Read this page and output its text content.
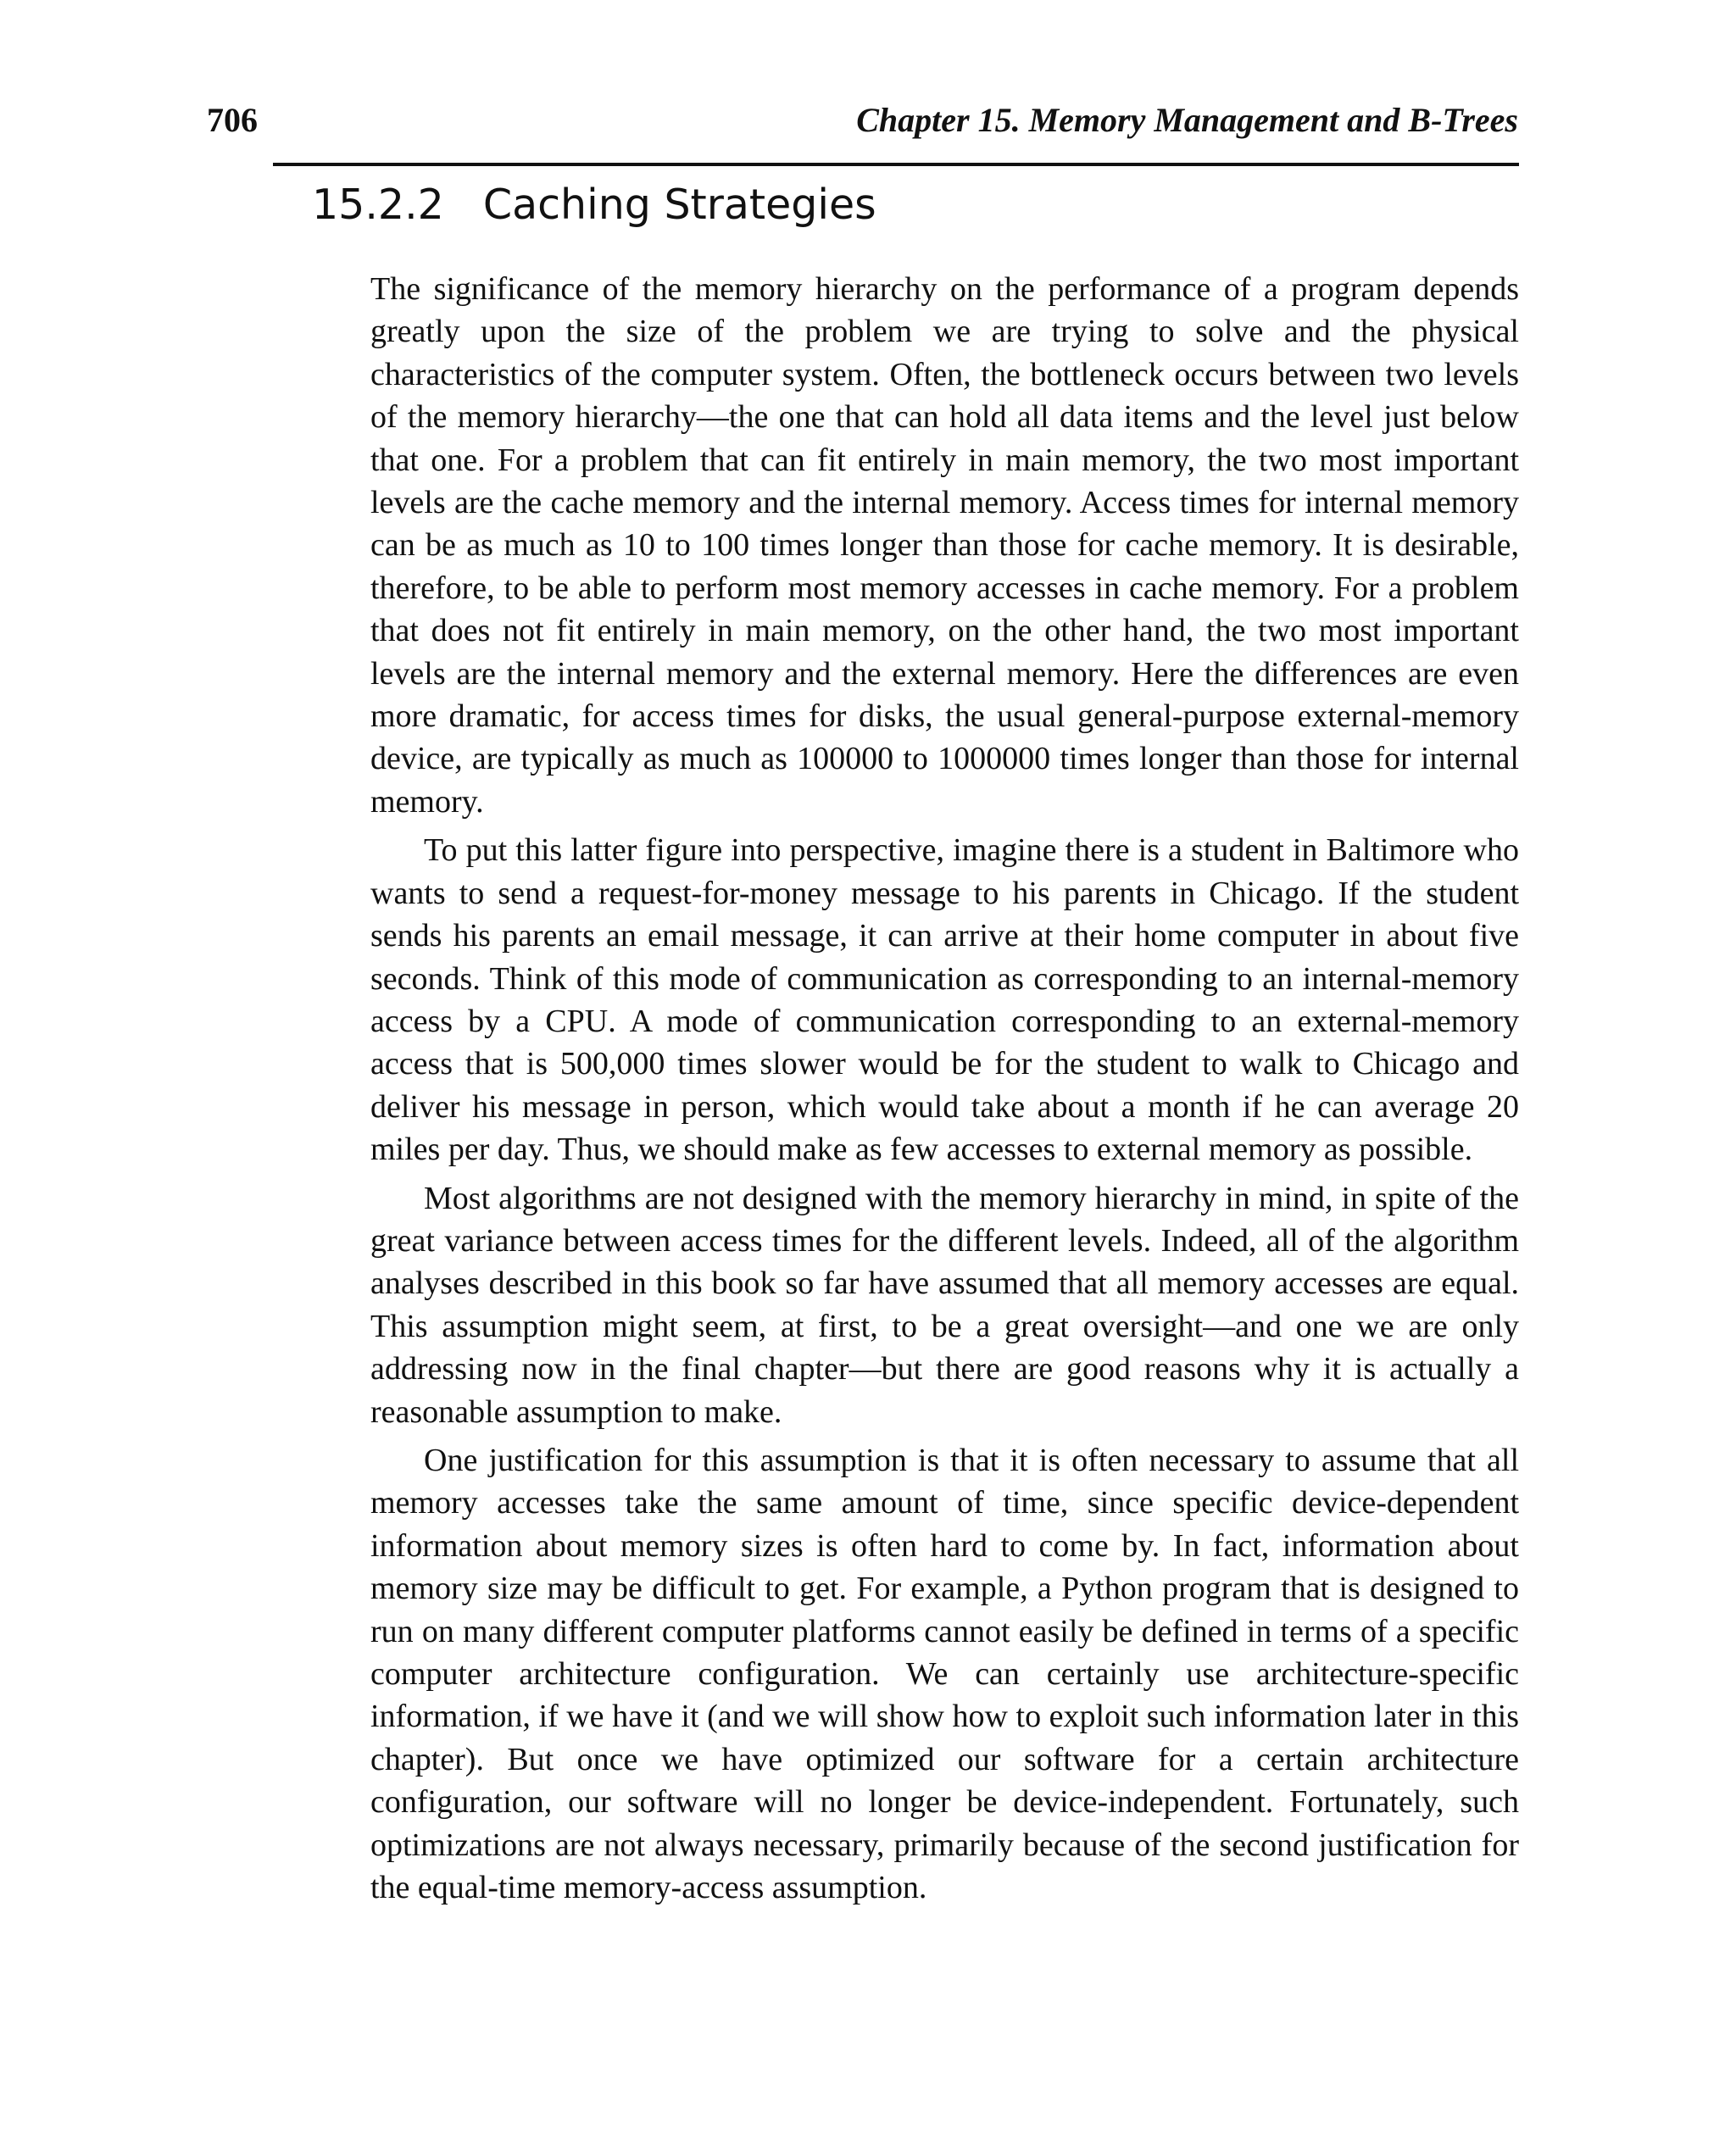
706	Chapter 15. Memory Management and B-Trees
15.2.2 Caching Strategies

The significance of the memory hierarchy on the performance of a program depends greatly upon the size of the problem we are trying to solve and the physical characteristics of the computer system. Often, the bottleneck occurs between two levels of the memory hierarchy—the one that can hold all data items and the level just below that one. For a problem that can fit entirely in main memory, the two most important levels are the cache memory and the internal memory. Access times for internal memory can be as much as 10 to 100 times longer than those for cache memory. It is desirable, therefore, to be able to perform most memory accesses in cache memory. For a problem that does not fit entirely in main memory, on the other hand, the two most important levels are the internal memory and the external memory. Here the differences are even more dramatic, for access times for disks, the usual general-purpose external-memory device, are typically as much as 100000 to 1000000 times longer than those for internal memory.

To put this latter figure into perspective, imagine there is a student in Baltimore who wants to send a request-for-money message to his parents in Chicago. If the student sends his parents an email message, it can arrive at their home computer in about five seconds. Think of this mode of communication as corresponding to an internal-memory access by a CPU. A mode of communication corresponding to an external-memory access that is 500,000 times slower would be for the student to walk to Chicago and deliver his message in person, which would take about a month if he can average 20 miles per day. Thus, we should make as few accesses to external memory as possible.

Most algorithms are not designed with the memory hierarchy in mind, in spite of the great variance between access times for the different levels. Indeed, all of the algorithm analyses described in this book so far have assumed that all memory accesses are equal. This assumption might seem, at first, to be a great oversight—and one we are only addressing now in the final chapter—but there are good reasons why it is actually a reasonable assumption to make.

One justification for this assumption is that it is often necessary to assume that all memory accesses take the same amount of time, since specific device-dependent information about memory sizes is often hard to come by. In fact, information about memory size may be difficult to get. For example, a Python program that is designed to run on many different computer platforms cannot easily be defined in terms of a specific computer architecture configuration. We can certainly use architecture-specific information, if we have it (and we will show how to exploit such information later in this chapter). But once we have optimized our software for a certain architecture configuration, our software will no longer be device-independent. Fortunately, such optimizations are not always necessary, primarily because of the second justification for the equal-time memory-access assumption.
